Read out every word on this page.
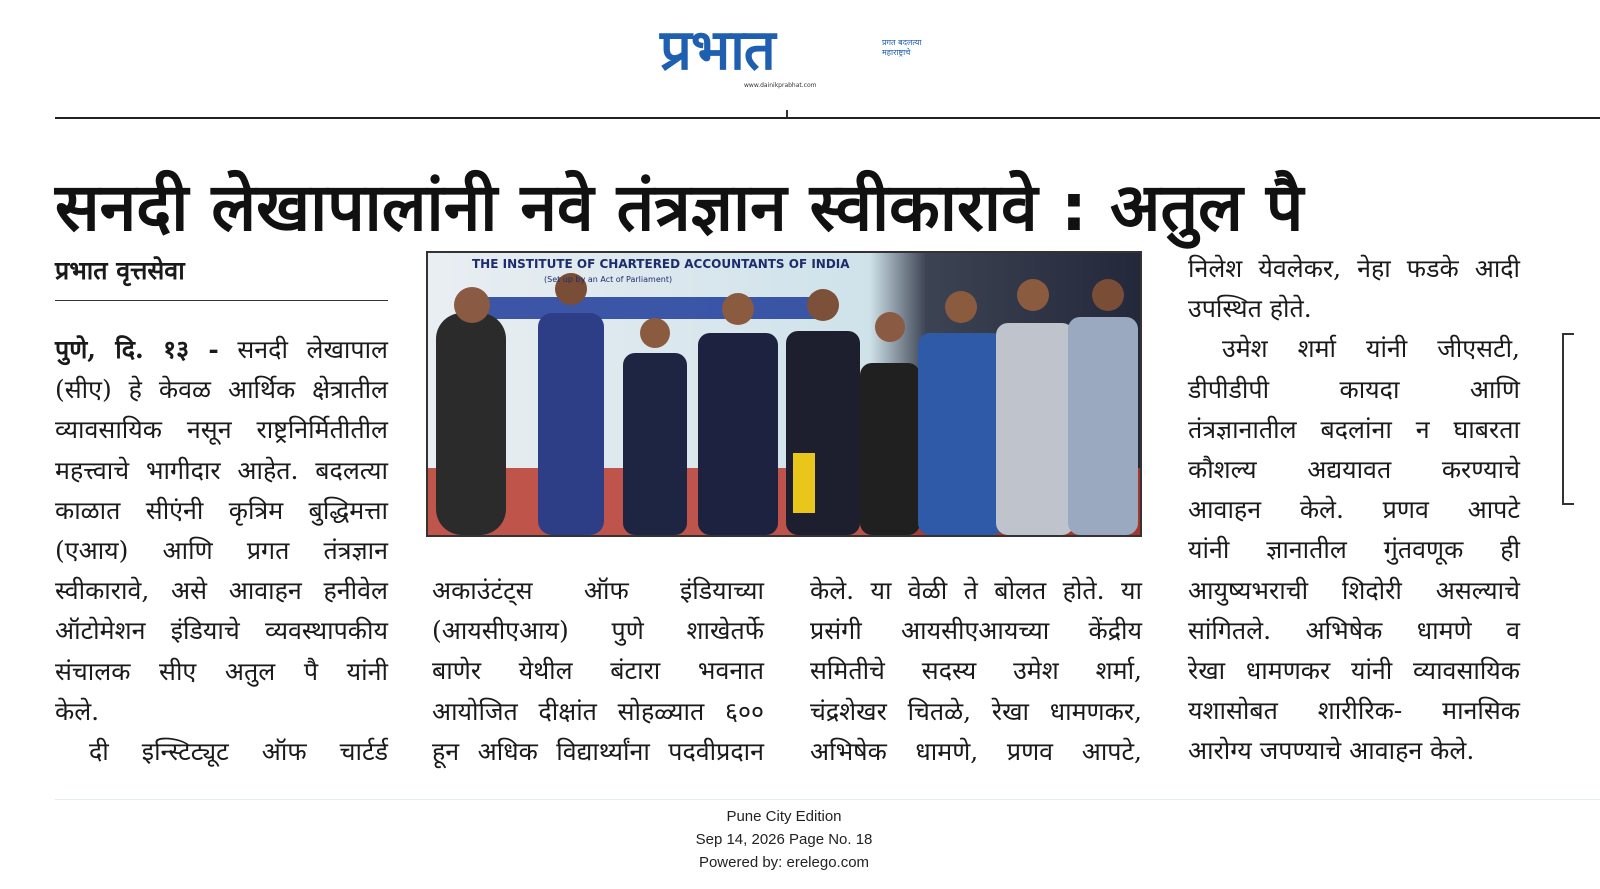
प्रभात	प्रगत बदलत्या महाराष्ट्राचे
www.dainikprabhat.com
सनदी लेखापालांनी नवे तंत्रज्ञान स्वीकारावे : अतुल पै
प्रभात वृत्तसेवा
पुणे, दि. १३ - सनदी लेखापाल
(सीए) हे केवळ आर्थिक क्षेत्रातील
व्यावसायिक नसून राष्ट्रनिर्मितीतील
महत्त्वाचे भागीदार आहेत. बदलत्या
काळात सीएंनी कृत्रिम बुद्धिमत्ता
(एआय) आणि प्रगत तंत्रज्ञान
स्वीकारावे, असे आवाहन हनीवेल
ऑटोमेशन इंडियाचे व्यवस्थापकीय
संचालक सीए अतुल पै यांनी
केले.
दी इन्स्टिट्यूट ऑफ चार्टर्ड
THE INSTITUTE OF CHARTERED ACCOUNTANTS OF INDIA
(Set up by an Act of Parliament)
अकाउंटंट्स ऑफ इंडियाच्या
(आयसीएआय) पुणे शाखेतर्फे
बाणेर येथील बंटारा भवनात
आयोजित दीक्षांत सोहळ्यात ६००
हून अधिक विद्यार्थ्यांना पदवीप्रदान
केले. या वेळी ते बोलत होते. या
प्रसंगी आयसीएआयच्या केंद्रीय
समितीचे सदस्य उमेश शर्मा,
चंद्रशेखर चितळे, रेखा धामणकर,
अभिषेक धामणे, प्रणव आपटे,
निलेश येवलेकर, नेहा फडके आदी
उपस्थित होते.
उमेश शर्मा यांनी जीएसटी,
डीपीडीपी कायदा आणि
तंत्रज्ञानातील बदलांना न घाबरता
कौशल्य अद्ययावत करण्याचे
आवाहन केले. प्रणव आपटे
यांनी ज्ञानातील गुंतवणूक ही
आयुष्यभराची शिदोरी असल्याचे
सांगितले. अभिषेक धामणे व
रेखा धामणकर यांनी व्यावसायिक
यशासोबत शारीरिक- मानसिक
आरोग्य जपण्याचे आवाहन केले.
Pune City Edition
Sep 14, 2026 Page No. 18
Powered by: erelego.com
